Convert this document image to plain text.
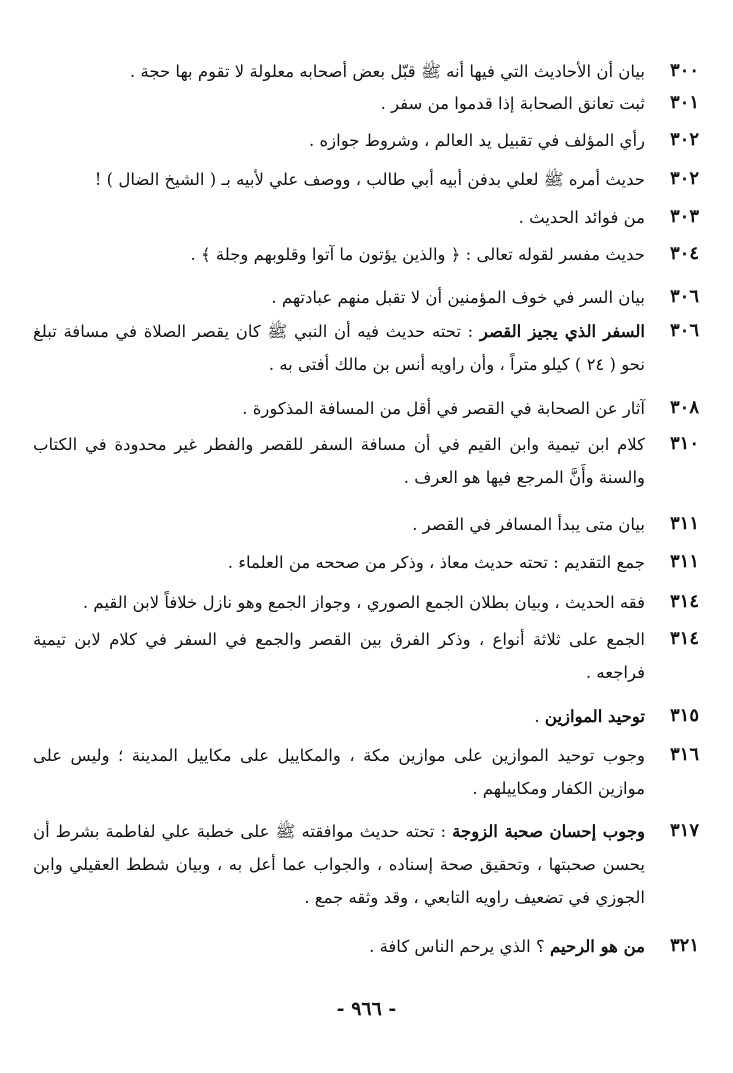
٣٠٠
بيان أن الأحاديث التي فيها أنه ﷺ قبّل بعض أصحابه معلولة لا تقوم بها حجة .
٣٠١
ثبت تعانق الصحابة إذا قدموا من سفر .
٣٠٢
رأي المؤلف في تقبيل يد العالم ، وشروط جوازه .
٣٠٢
حديث أمره ﷺ لعلي بدفن أبيه أبي طالب ، ووصف علي لأبيه بـ ( الشيخ الضال ) !
٣٠٣
من فوائد الحديث .
٣٠٤
حديث مفسر لقوله تعالى : ﴿ والذين يؤتون ما آتوا وقلوبهم وجلة ﴾ .
٣٠٦
بيان السر في خوف المؤمنين أن لا تقبل منهم عبادتهم .
٣٠٦
السفر الذي يجيز القصر : تحته حديث فيه أن النبي ﷺ كان يقصر الصلاة في مسافة تبلغ نحو ( ٢٤ ) كيلو متراً ، وأن راويه أنس بن مالك أفتى به .
٣٠٨
آثار عن الصحابة في القصر في أقل من المسافة المذكورة .
٣١٠
كلام ابن تيمية وابن القيم في أن مسافة السفر للقصر والفطر غير محدودة في الكتاب والسنة وأَنَّ المرجع فيها هو العرف .
٣١١
بيان متى يبدأ المسافر في القصر .
٣١١
جمع التقديم : تحته حديث معاذ ، وذكر من صححه من العلماء .
٣١٤
فقه الحديث ، وبيان بطلان الجمع الصوري ، وجواز الجمع وهو نازل خلافاً لابن القيم .
٣١٤
الجمع على ثلاثة أنواع ، وذكر الفرق بين القصر والجمع في السفر في كلام لابن تيمية فراجعه .
٣١٥
توحيد الموازين .
٣١٦
وجوب توحيد الموازين على موازين مكة ، والمكاييل على مكاييل المدينة ؛ وليس على موازين الكفار ومكاييلهم .
٣١٧
وجوب إحسان صحبة الزوجة : تحته حديث موافقته ﷺ على خطبة علي لفاطمة بشرط أن يحسن صحبتها ، وتحقيق صحة إسناده ، والجواب عما أعل به ، وبيان شطط العقيلي وابن الجوزي في تضعيف راويه التابعي ، وقد وثقه جمع .
٣٢١
من هو الرحيم ؟ الذي يرحم الناس كافة .
- ٩٦٦ -
